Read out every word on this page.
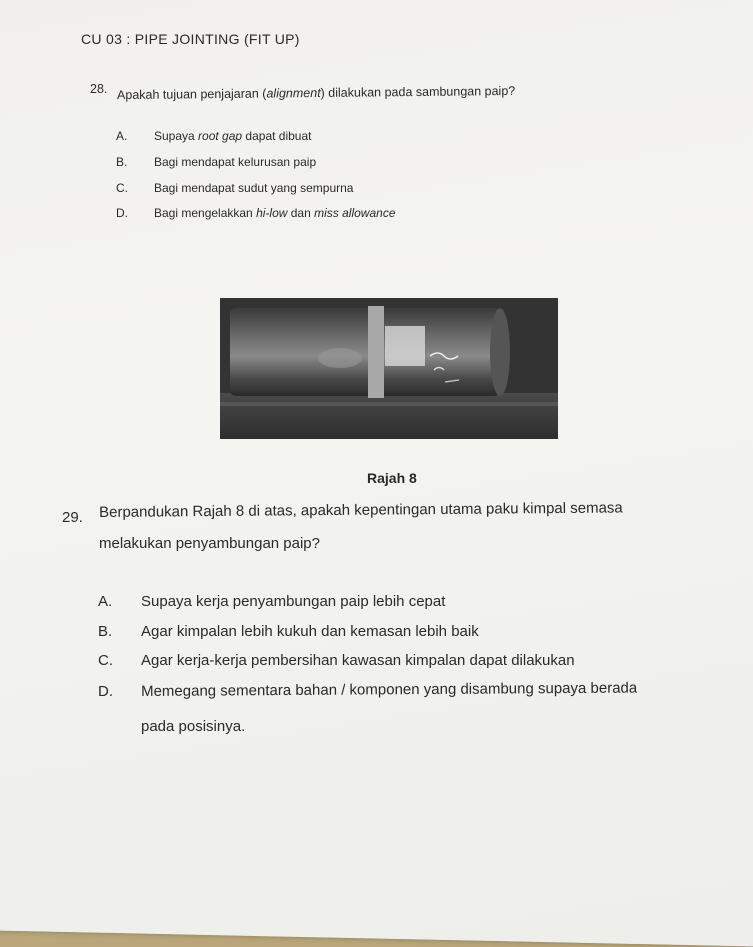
CU 03 : PIPE JOINTING (FIT UP)
28. Apakah tujuan penjajaran (alignment) dilakukan pada sambungan paip?
A. Supaya root gap dapat dibuat
B. Bagi mendapat kelurusan paip
C. Bagi mendapat sudut yang sempurna
D. Bagi mengelakkan hi-low dan miss allowance
Rajah 8
29. Berpandukan Rajah 8 di atas, apakah kepentingan utama paku kimpal semasa
melakukan penyambungan paip?
A. Supaya kerja penyambungan paip lebih cepat
B. Agar kimpalan lebih kukuh dan kemasan lebih baik
C. Agar kerja-kerja pembersihan kawasan kimpalan dapat dilakukan
D. Memegang sementara bahan / komponen yang disambung supaya berada
pada posisinya.
